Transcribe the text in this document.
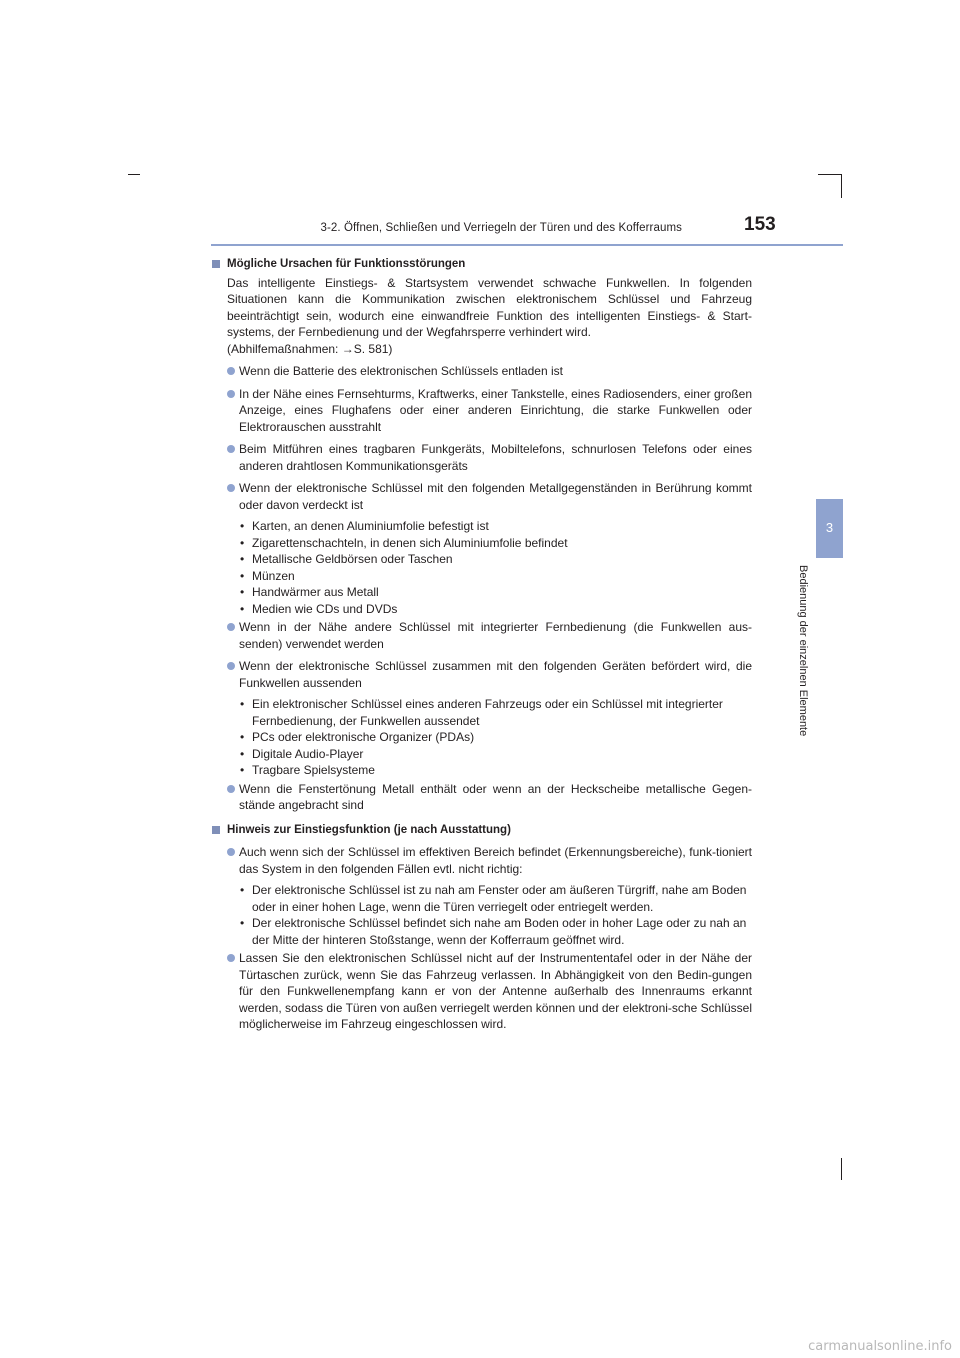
3-2. Öffnen, Schließen und Verriegeln der Türen und des Kofferraums	153
3
Bedienung der einzelnen Elemente
Mögliche Ursachen für Funktionsstörungen

Das intelligente Einstiegs- & Startsystem verwendet schwache Funkwellen. In folgenden Situationen kann die Kommunikation zwischen elektronischem Schlüssel und Fahrzeug beeinträchtigt sein, wodurch eine einwandfreie Funktion des intelligenten Einstiegs- & Start-systems, der Fernbedienung und der Wegfahrsperre verhindert wird.

(Abhilfemaßnahmen: →S. 581)

Wenn die Batterie des elektronischen Schlüssels entladen ist
In der Nähe eines Fernsehturms, Kraftwerks, einer Tankstelle, eines Radiosenders, einer großen Anzeige, eines Flughafens oder einer anderen Einrichtung, die starke Funkwellen oder Elektrorauschen ausstrahlt
Beim Mitführen eines tragbaren Funkgeräts, Mobiltelefons, schnurlosen Telefons oder eines anderen drahtlosen Kommunikationsgeräts
Wenn der elektronische Schlüssel mit den folgenden Metallgegenständen in Berührung kommt oder davon verdeckt ist
• Karten, an denen Aluminiumfolie befestigt ist
• Zigarettenschachteln, in denen sich Aluminiumfolie befindet
• Metallische Geldbörsen oder Taschen
• Münzen
• Handwärmer aus Metall
• Medien wie CDs und DVDs
Wenn in der Nähe andere Schlüssel mit integrierter Fernbedienung (die Funkwellen aus-senden) verwendet werden
Wenn der elektronische Schlüssel zusammen mit den folgenden Geräten befördert wird, die Funkwellen aussenden
• Ein elektronischer Schlüssel eines anderen Fahrzeugs oder ein Schlüssel mit integrierter Fernbedienung, der Funkwellen aussendet
• PCs oder elektronische Organizer (PDAs)
• Digitale Audio-Player
• Tragbare Spielsysteme
Wenn die Fenstertönung Metall enthält oder wenn an der Heckscheibe metallische Gegen-stände angebracht sind
Hinweis zur Einstiegsfunktion (je nach Ausstattung)
Auch wenn sich der Schlüssel im effektiven Bereich befindet (Erkennungsbereiche), funk-tioniert das System in den folgenden Fällen evtl. nicht richtig:
• Der elektronische Schlüssel ist zu nah am Fenster oder am äußeren Türgriff, nahe am Boden oder in einer hohen Lage, wenn die Türen verriegelt oder entriegelt werden.
• Der elektronische Schlüssel befindet sich nahe am Boden oder in hoher Lage oder zu nah an der Mitte der hinteren Stoßstange, wenn der Kofferraum geöffnet wird.
Lassen Sie den elektronischen Schlüssel nicht auf der Instrumententafel oder in der Nähe der Türtaschen zurück, wenn Sie das Fahrzeug verlassen. In Abhängigkeit von den Bedin-gungen für den Funkwellenempfang kann er von der Antenne außerhalb des Innenraums erkannt werden, sodass die Türen von außen verriegelt werden können und der elektroni-sche Schlüssel möglicherweise im Fahrzeug eingeschlossen wird.
carmanualsonline.info
